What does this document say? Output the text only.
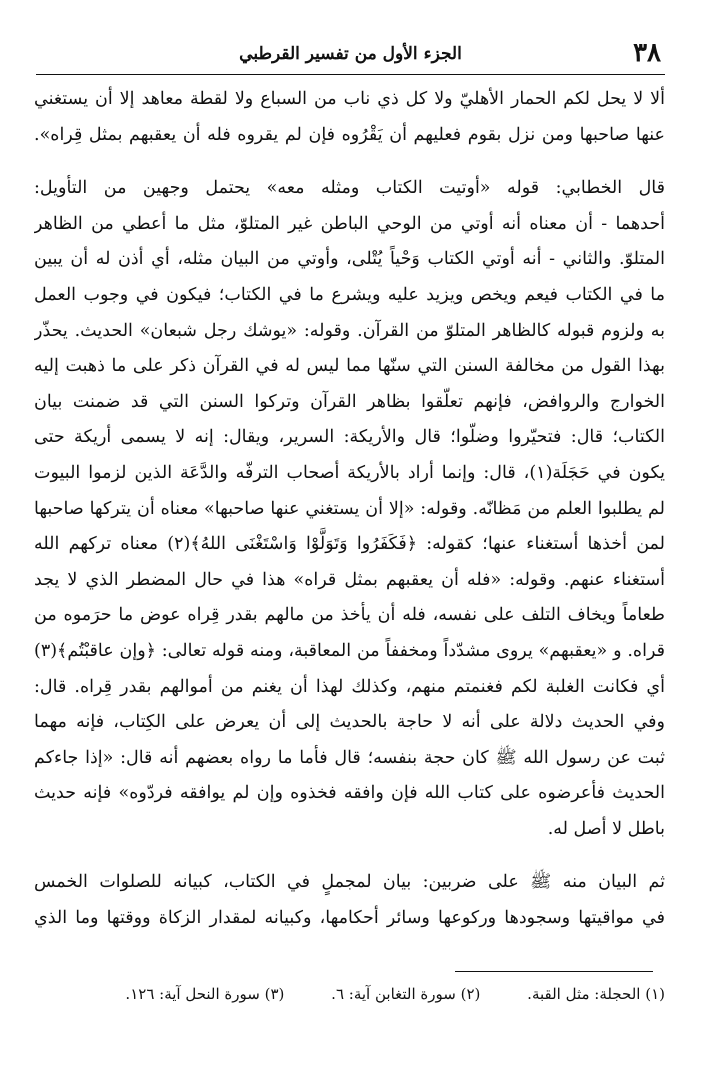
٣٨
الجزء الأول من تفسير القرطبي
ألا لا يحل لكم الحمار الأهليّ ولا كل ذي ناب من السباع ولا لقطة معاهد إلا أن يستغني
عنها صاحبها ومن نزل بقوم فعليهم أن يَقْرُوه فإن لم يقروه فله أن يعقبهم بمثل قِراه».
قال الخطابي: قوله «أوتيت الكتاب ومثله معه» يحتمل وجهين من التأويل:
أحدهما - أن معناه أنه أوتي من الوحي الباطن غير المتلوّ، مثل ما أعطي من الظاهر
المتلوّ. والثاني - أنه أوتي الكتاب وَحْياً يُتْلى، وأوتي من البيان مثله، أي أذن له أن يبين
ما في الكتاب فيعم ويخص ويزيد عليه ويشرع ما في الكتاب؛ فيكون في وجوب العمل
به ولزوم قبوله كالظاهر المتلوّ من القرآن. وقوله: «يوشك رجل شبعان» الحديث. يحذّر
بهذا القول من مخالفة السنن التي سنّها مما ليس له في القرآن ذكر على ما ذهبت إليه
الخوارج والروافض، فإنهم تعلّقوا بظاهر القرآن وتركوا السنن التي قد ضمنت بيان
الكتاب؛ قال: فتحيّروا وضلّوا؛ قال والأريكة: السرير، ويقال: إنه لا يسمى أريكة حتى
يكون في حَجَلَة(١)، قال: وإنما أراد بالأريكة أصحاب الترفّه والدَّعَة الذين لزموا البيوت
لم يطلبوا العلم من مَظانّه. وقوله: «إلا أن يستغني عنها صاحبها» معناه أن يتركها صاحبها
لمن أخذها أستغناء عنها؛ كقوله: ﴿فَكَفَرُوا وَتَوَلَّوْا وَاسْتَغْنَى اللهُ﴾(٢) معناه تركهم الله
أستغناء عنهم. وقوله: «فله أن يعقبهم بمثل قراه» هذا في حال المضطر الذي لا يجد
طعاماً ويخاف التلف على نفسه، فله أن يأخذ من مالهم بقدر قِراه عوض ما حرَموه من
قراه. و «يعقبهم» يروى مشدّداً ومخففاً من المعاقبة، ومنه قوله تعالى: ﴿وإن عاقبْتُم﴾(٣)
أي فكانت الغلبة لكم فغنمتم منهم، وكذلك لهذا أن يغنم من أموالهم بقدر قِراه. قال:
وفي الحديث دلالة على أنه لا حاجة بالحديث إلى أن يعرض على الكِتاب، فإنه مهما
ثبت عن رسول الله ﷺ كان حجة بنفسه؛ قال فأما ما رواه بعضهم أنه قال: «إذا جاءكم
الحديث فأعرضوه على كتاب الله فإن وافقه فخذوه وإن لم يوافقه فردّوه» فإنه حديث
باطل لا أصل له.
ثم البيان منه ﷺ على ضربين: بيان لمجملٍ في الكتاب، كبيانه للصلوات الخمس
في مواقيتها وسجودها وركوعها وسائر أحكامها، وكبيانه لمقدار الزكاة ووقتها وما الذي
(١) الحجلة: مثل القبة. (٢) سورة التغابن آية: ٦. (٣) سورة النحل آية: ١٢٦.
